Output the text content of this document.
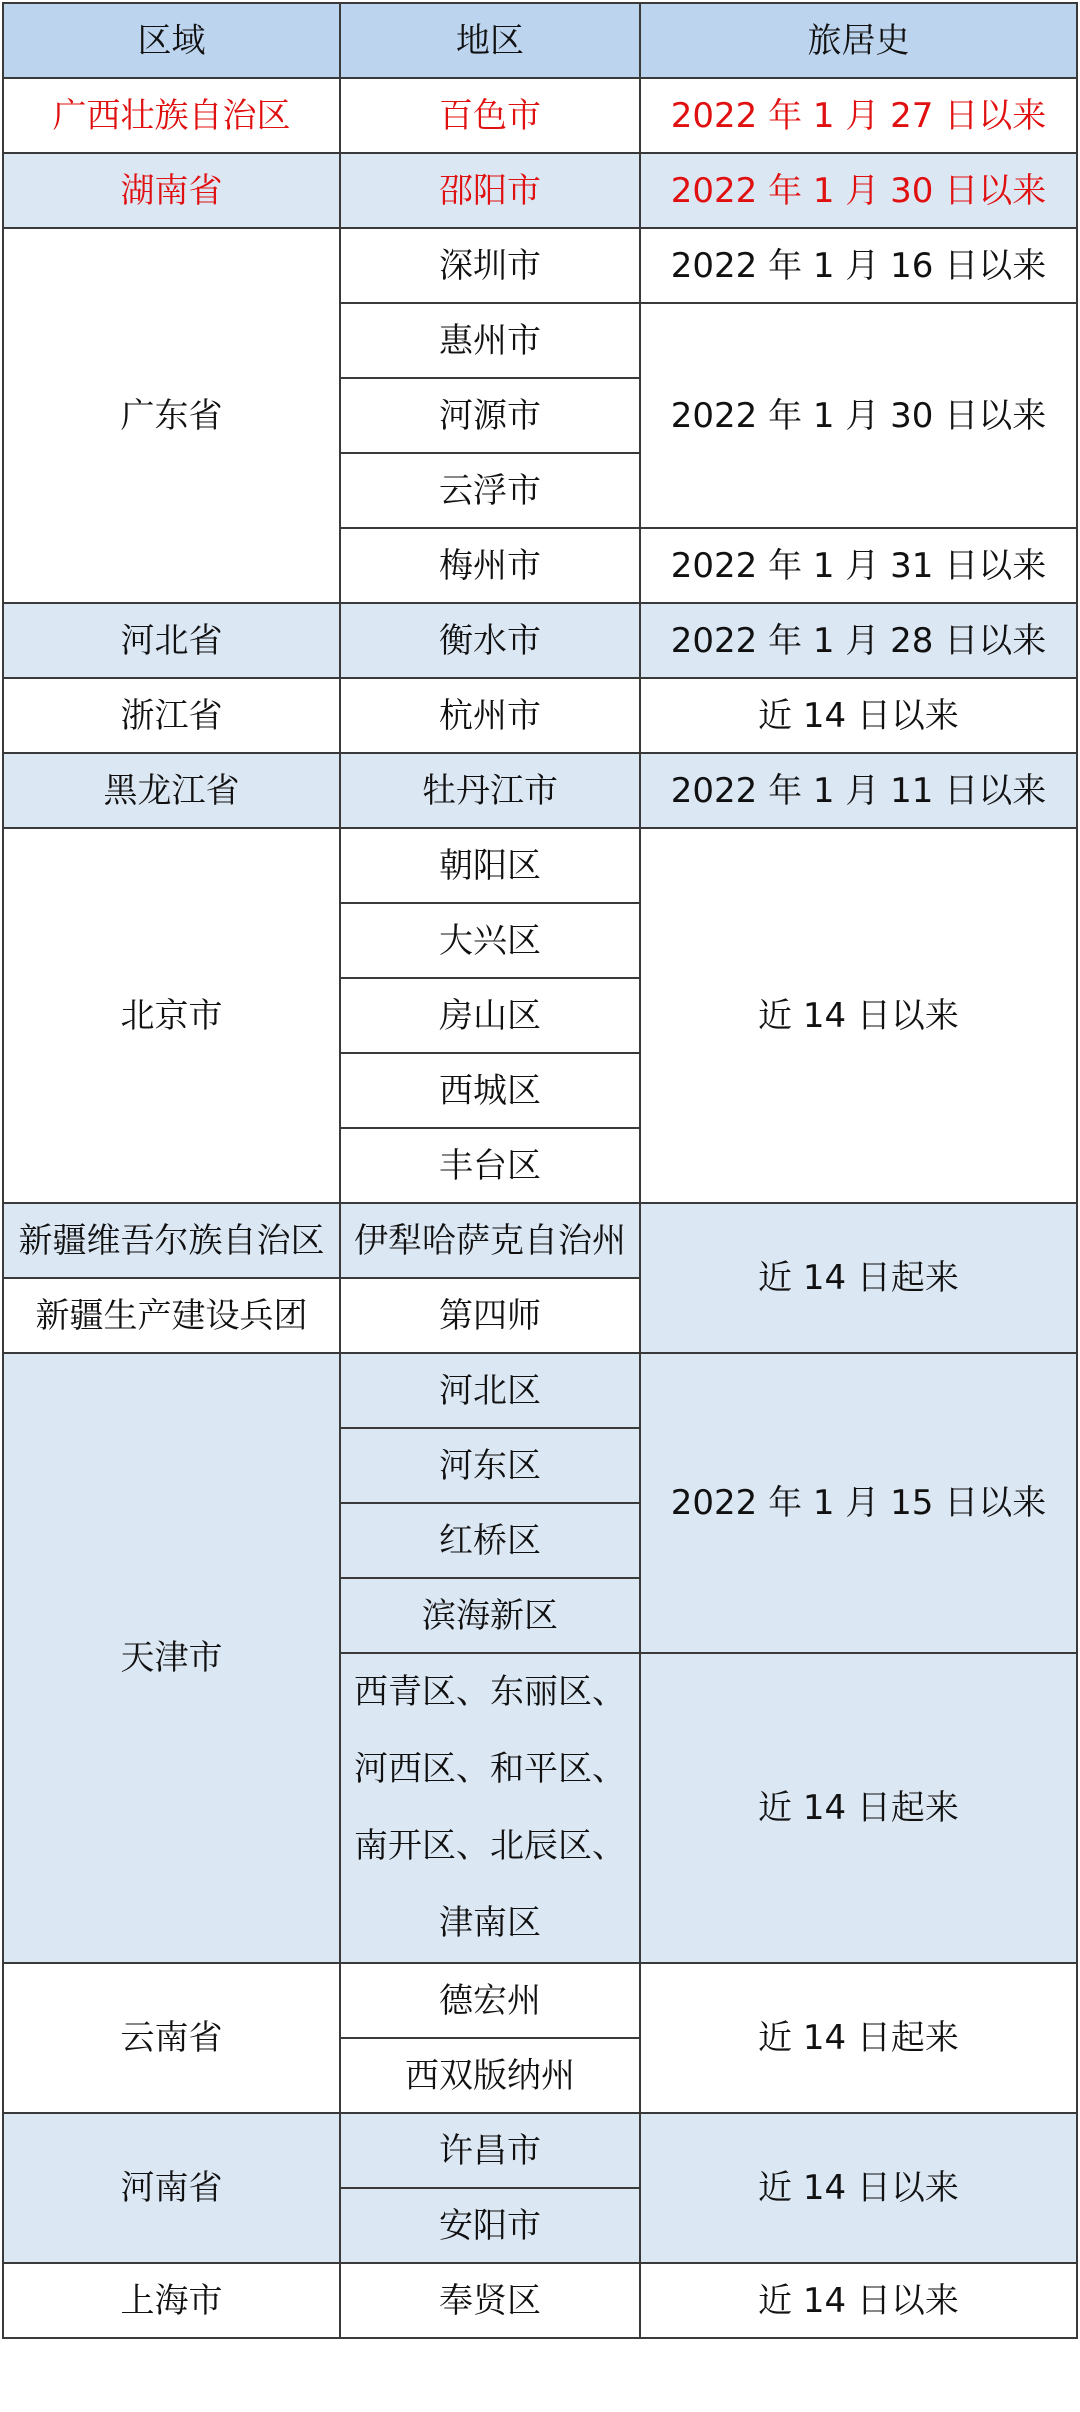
区域	地区	旅居史
广西壮族自治区	百色市	2022 年 1 月 27 日以来
湖南省	邵阳市	2022 年 1 月 30 日以来
广东省	深圳市	2022 年 1 月 16 日以来
	惠州市	2022 年 1 月 30 日以来
	河源市	
	云浮市	
	梅州市	2022 年 1 月 31 日以来
河北省	衡水市	2022 年 1 月 28 日以来
浙江省	杭州市	近 14 日以来
黑龙江省	牡丹江市	2022 年 1 月 11 日以来
北京市	朝阳区	近 14 日以来
	大兴区	
	房山区	
	西城区	
	丰台区	
新疆维吾尔族自治区	伊犁哈萨克自治州	近 14 日起来
新疆生产建设兵团	第四师	
天津市	河北区	2022 年 1 月 15 日以来
	河东区	
	红桥区	
	滨海新区	
	西青区、东丽区、河西区、和平区、南开区、北辰区、津南区	近 14 日起来
云南省	德宏州	近 14 日起来
	西双版纳州	
河南省	许昌市	近 14 日以来
	安阳市	
上海市	奉贤区	近 14 日以来
